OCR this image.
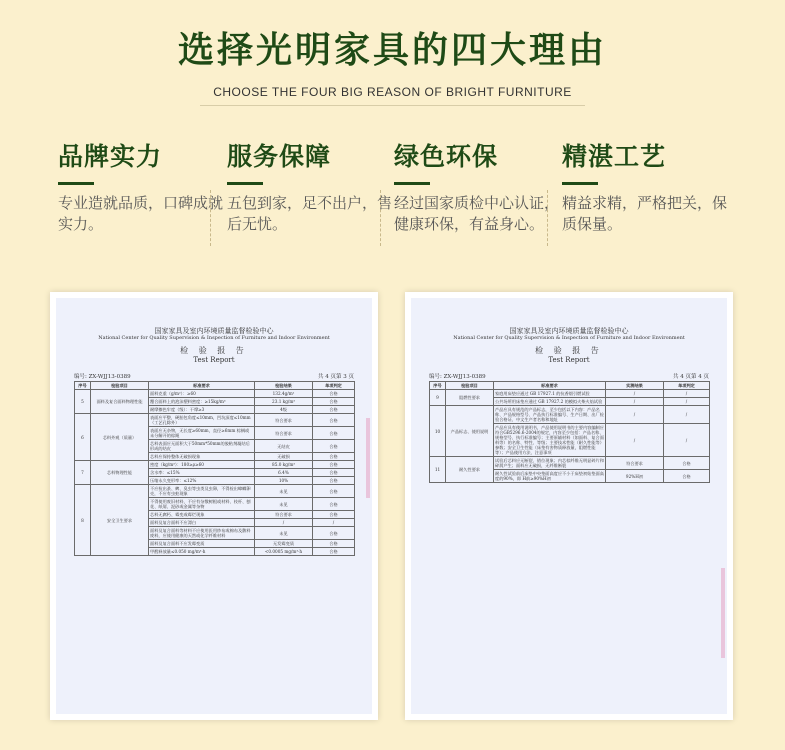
选择光明家具的四大理由
CHOOSE THE FOUR BIG REASON OF BRIGHT FURNITURE
品牌实力

专业造就品质，口碑成就实力。

服务保障

五包到家，足不出户，售后无忧。

绿色环保

经过国家质检中心认证，健康环保，有益身心。

精湛工艺

精益求精，严格把关，保质保量。

国家家具及室内环境质量监督检验中心
National Center for Quality Supervision & Inspection of Furniture and Indoor Environment
检 验 报 告
Test Report
编号: ZX-WJJ13-0389	共 4 页第 3 页
序号	检验项目	标准要求	检验结果	单项判定
5	面料及复合面料物理性能	面料克重（g/m²）：≥60	132.4g/m²	合格
		覆合面料上的泡沫塑料密度：≥15kg/m³	23.1 kg/m³	合格
		耐摩擦色牢度（级）：干摩≥3	4级	合格
6	芯料外观（质量）	表面应平整，硬胎包角度≤10mm，凹坑深度≤10mm（工艺孔除外）	符合要求	合格
		表面应无杂物，无长度≥60mm，直径≥6mm 棕榈或未分解开的棕绳	符合要求	合格
		芯料表面应无面积大于50mm*50mm的胶粘剂凝结后形成的结皮	无结皮	合格
		芯料应保持整体无破损现象	无破损	合格
7	芯料物理性能	密度（kg/m³）：180≥ρ≥60	85.0 kg/m³	合格
		含水率：≤15%	6.4%	合格
		压缩永久变形率：≤12%	10%	合格
8	安全卫生要求	不应检出蚤、蜱、臭虫等虫类及虫卵，不得检出蟑螂卵壳，不应有虫蛀现象	未见	合格
		不得使用废旧材料，不应有杂散树根或材料、枝杆、刨花、纸屑、泥砂或金属等杂物	未见	合格
		芯料无腐朽、霉变或霉烂现象	符合要求	合格
		面料及复合面料不应漂白	/	/
		面料及复合面料等材料不应使用医用纱布或棉布及敷料废料，应使用健康的天然或化学纤维材料	未见	合格
		面料及复合面料不应发霉变质	无发霉变质	合格
		甲醛释放量≤0.050 mg/m³·h	<0.0005 mg/m³·h	合格
国家家具及室内环境质量监督检验中心
National Center for Quality Supervision & Inspection of Furniture and Indoor Environment
检 验 报 告
Test Report
编号: ZX-WJJ13-0389	共 4 页第 4 页
序号	检验项目	标准要求	实测结果	单项判定
9	阻燃性要求	家庭用床垫应通过 GB 17927.1 的抗香烟引燃试验	/	/
		公共场所用床垫应通过 GB 17927.2 的模拟火柴火焰试验	/	/
10	产品标志、使用说明	产品应具有规范的产品标志，至少包括以下内容：产品名称、产品规格型号、产品执行标准编号、生产日期、出厂检验合格证、中文生产者名称和地址	/	/
		产品应具有使用说明书，产品使用说明书的主要内容编制应符合GB5296.6-2004的规定，内容至少包括：产品名称、规格型号、执行标准编号；主要原辅材料（如面料、复合面料等）的名称、特性、等级；主要技术性能（耐久性能等）参数；安全卫生性能（床垫有害物质释放量，阻燃性能等）；产品使用方法、注意事项	/	/
11	耐久性要求	试验后芯料应无断裂、错位现象；内芯棕纤维无明显碎片和碎屑产生；面料应无破损，无纤维断裂	符合要求	合格
		耐久性试验前后床垫中央垫面高度应不小于床垫初始垫面高度的90%，即 H前≥90%H初	92%H初	合格
